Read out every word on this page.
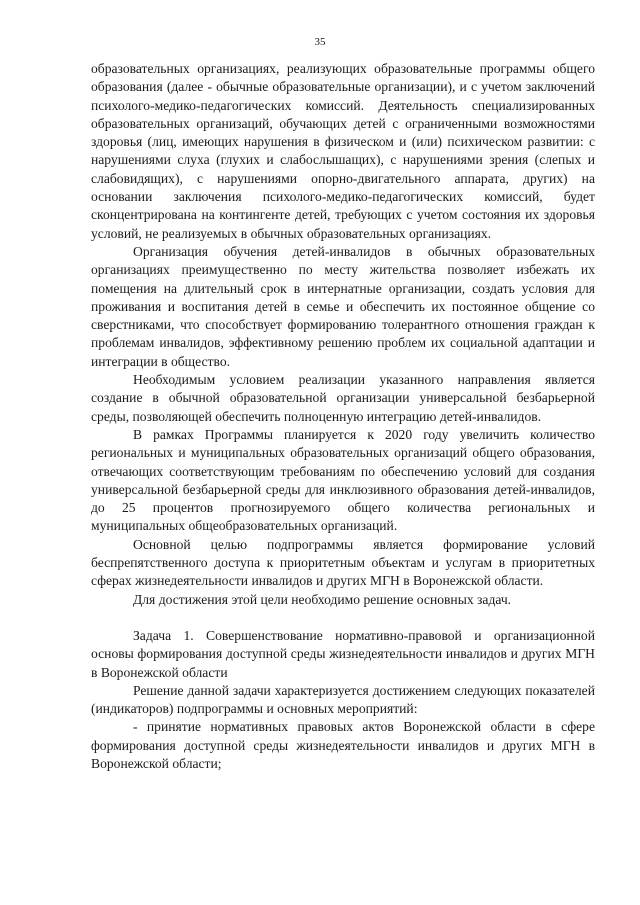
35

образовательных организациях, реализующих образовательные программы общего образования (далее - обычные образовательные организации), и с учетом заключений психолого-медико-педагогических комиссий. Деятельность специализированных образовательных организаций, обучающих детей с ограниченными возможностями здоровья (лиц, имеющих нарушения в физическом и (или) психическом развитии: с нарушениями слуха (глухих и слабослышащих), с нарушениями зрения (слепых и слабовидящих), с нарушениями опорно-двигательного аппарата, других) на основании заключения психолого-медико-педагогических комиссий, будет сконцентрирована на контингенте детей, требующих с учетом состояния их здоровья условий, не реализуемых в обычных образовательных организациях.

Организация обучения детей-инвалидов в обычных образовательных организациях преимущественно по месту жительства позволяет избежать их помещения на длительный срок в интернатные организации, создать условия для проживания и воспитания детей в семье и обеспечить их постоянное общение со сверстниками, что способствует формированию толерантного отношения граждан к проблемам инвалидов, эффективному решению проблем их социальной адаптации и интеграции в общество.

Необходимым условием реализации указанного направления является создание в обычной образовательной организации универсальной безбарьерной среды, позволяющей обеспечить полноценную интеграцию детей-инвалидов.

В рамках Программы планируется к 2020 году увеличить количество региональных и муниципальных образовательных организаций общего образования, отвечающих соответствующим требованиям по обеспечению условий для создания универсальной безбарьерной среды для инклюзивного образования детей-инвалидов, до 25 процентов прогнозируемого общего количества региональных и муниципальных общеобразовательных организаций.

Основной целью подпрограммы является формирование условий беспрепятственного доступа к приоритетным объектам и услугам в приоритетных сферах жизнедеятельности инвалидов и других МГН в Воронежской области.

Для достижения этой цели необходимо решение основных задач.

Задача 1. Совершенствование нормативно-правовой и организационной основы формирования доступной среды жизнедеятельности инвалидов и других МГН в Воронежской области

Решение данной задачи характеризуется достижением следующих показателей (индикаторов) подпрограммы и основных мероприятий:

- принятие нормативных правовых актов Воронежской области в сфере формирования доступной среды жизнедеятельности инвалидов и других МГН в Воронежской области;
